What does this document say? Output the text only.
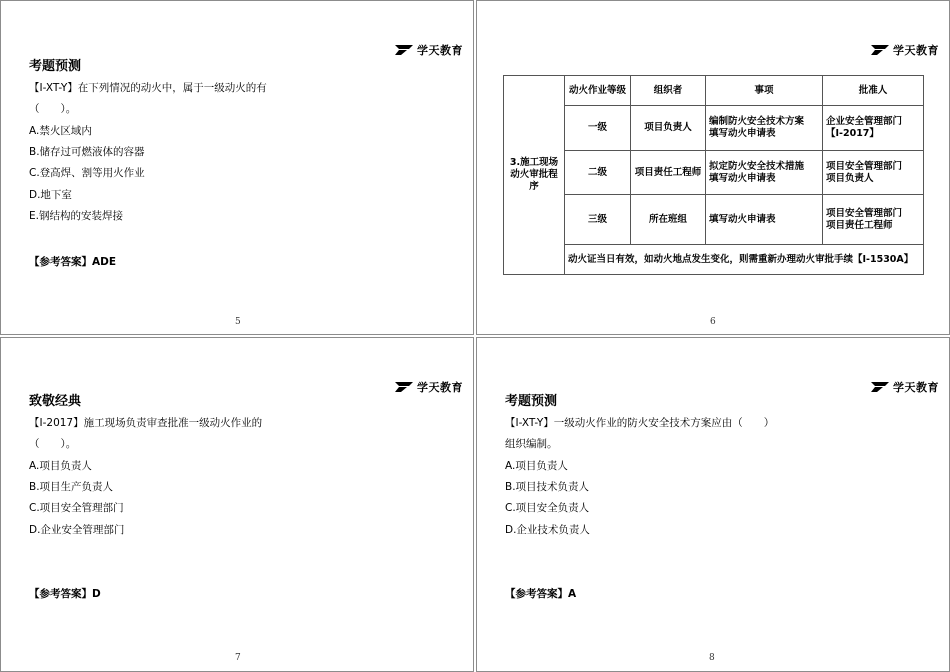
学天教育
考题预测
【Ⅰ-XT-Y】在下列情况的动火中，属于一级动火的有
（　　）。
A.禁火区域内
B.储存过可燃液体的容器
C.登高焊、割等用火作业
D.地下室
E.钢结构的安装焊接
【参考答案】ADE
5
学天教育
3.施工现场动火审批程序	动火作业等级	组织者	事项	批准人
	一级	项目负责人	编制防火安全技术方案
填写动火申请表	企业安全管理部门
【Ⅰ-2017】
	二级	项目责任工程师	拟定防火安全技术措施
填写动火申请表	项目安全管理部门
项目负责人
	三级	所在班组	填写动火申请表	项目安全管理部门
项目责任工程师
	动火证当日有效，如动火地点发生变化，则需重新办理动火审批手续【Ⅰ-1530A】			
6
学天教育
致敬经典
【Ⅰ-2017】施工现场负责审查批准一级动火作业的
（　　）。
A.项目负责人
B.项目生产负责人
C.项目安全管理部门
D.企业安全管理部门
【参考答案】D
7
学天教育
考题预测
【Ⅰ-XT-Y】一级动火作业的防火安全技术方案应由（　　）
组织编制。
A.项目负责人
B.项目技术负责人
C.项目安全负责人
D.企业技术负责人
【参考答案】A
8
